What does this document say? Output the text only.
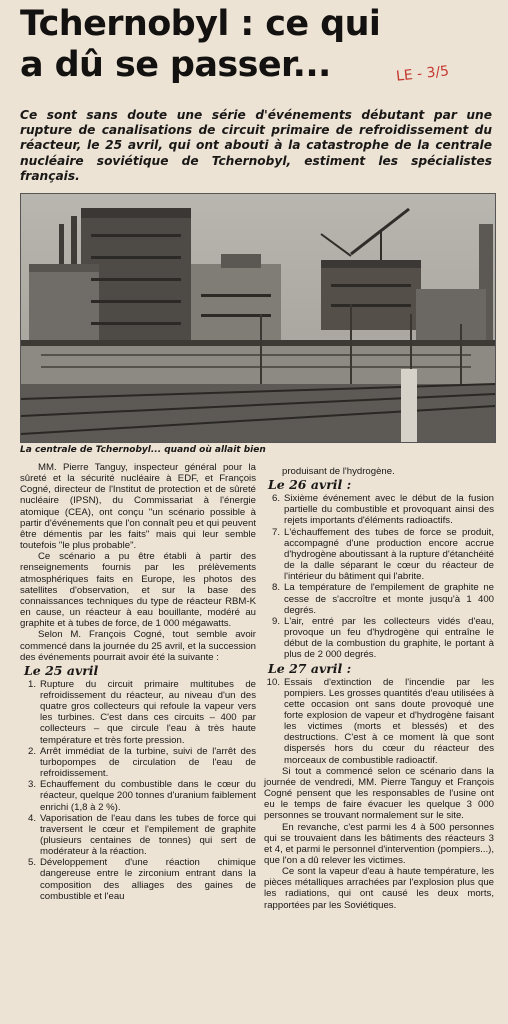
Tchernobyl : ce qui
a dû se passer...	LE - 3/5
Ce sont sans doute une série d'événements débutant par une rupture de canalisations de circuit primaire de refroidissement du réacteur, le 25 avril, qui ont abouti à la catastrophe de la centrale nucléaire soviétique de Tchernobyl, estiment les spécialistes français.
La centrale de Tchernobyl... quand où allait bien

MM. Pierre Tanguy, inspecteur général pour la sûreté et la sécurité nucléaire à EDF, et François Cogné, directeur de l'Institut de protection et de sûreté nucléaire (IPSN), du Commissariat à l'énergie atomique (CEA), ont conçu "un scénario possible à partir d'événements que l'on connaît peu et qui peuvent être démentis par les faits" mais qui leur semble toutefois "le plus probable".

Ce scénario a pu être établi à partir des renseignements fournis par les prélèvements atmosphériques faits en Europe, les photos des satellites d'observation, et sur la base des connaissances techniques du type de réacteur RBM-K en cause, un réacteur à eau bouillante, modéré au graphite et à tubes de force, de 1 000 mégawatts.

Selon M. François Cogné, tout semble avoir commencé dans la journée du 25 avril, et la succession des événements pourrait avoir été la suivante :

Le 25 avril

1. Rupture du circuit primaire multitubes de refroidissement du réacteur, au niveau d'un des quatre gros collecteurs qui refoule la vapeur vers les turbines. C'est dans ces circuits – 400 par collecteurs – que circule l'eau à très haute température et très forte pression.
2. Arrêt immédiat de la turbine, suivi de l'arrêt des turbopompes de circulation de l'eau de refroidissement.
3. Echauffement du combustible dans le cœur du réacteur, quelque 200 tonnes d'uranium faiblement enrichi (1,8 à 2 %).
4. Vaporisation de l'eau dans les tubes de force qui traversent le cœur et l'empilement de graphite (plusieurs centaines de tonnes) qui sert de modérateur à la réaction.
5. Développement d'une réaction chimique dangereuse entre le zirconium entrant dans la composition des alliages des gaines de combustible et l'eau

produisant de l'hydrogène.

Le 26 avril :

6. Sixième événement avec le début de la fusion partielle du combustible et provoquant ainsi des rejets importants d'éléments radioactifs.
7. L'échauffement des tubes de force se produit, accompagné d'une production encore accrue d'hydrogène aboutissant à la rupture d'étanchéité de la dalle séparant le cœur du réacteur de l'intérieur du bâtiment qui l'abrite.
8. La température de l'empilement de graphite ne cesse de s'accroître et monte jusqu'à 1 400 degrés.
9. L'air, entré par les collecteurs vidés d'eau, provoque un feu d'hydrogène qui entraîne le début de la combustion du graphite, le portant à plus de 2 000 degrés.

Le 27 avril :

10. Essais d'extinction de l'incendie par les pompiers. Les grosses quantités d'eau utilisées à cette occasion ont sans doute provoqué une forte explosion de vapeur et d'hydrogène faisant les victimes (morts et blessés) et des destructions. C'est à ce moment là que sont dispersés hors du cœur du réacteur des morceaux de combustible radioactif.

Si tout a commencé selon ce scénario dans la journée de vendredi, MM. Pierre Tanguy et François Cogné pensent que les responsables de l'usine ont eu le temps de faire évacuer les quelque 3 000 personnes se trouvant normalement sur le site.

En revanche, c'est parmi les 4 à 500 personnes qui se trouvaient dans les bâtiments des réacteurs 3 et 4, et parmi le personnel d'intervention (pompiers...), que l'on a dû relever les victimes.

Ce sont la vapeur d'eau à haute température, les pièces métalliques arrachées par l'explosion plus que les radiations, qui ont causé les deux morts, rapportées par les Soviétiques.
